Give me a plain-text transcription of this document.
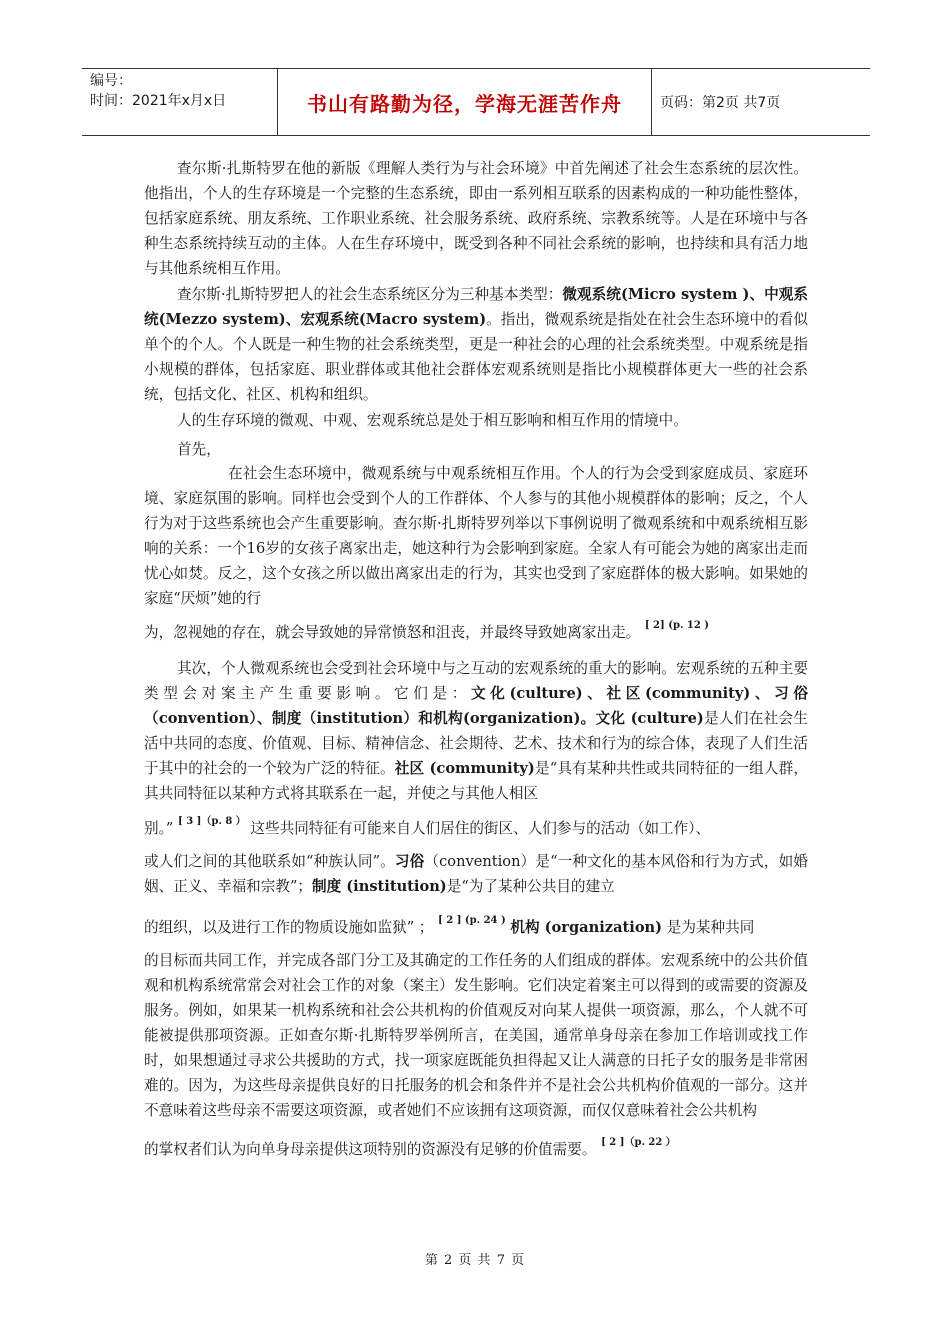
编号：
时间：2021年x月x日	书山有路勤为径，学海无涯苦作舟	页码：第2页 共7页

查尔斯·扎斯特罗在他的新版《理解人类行为与社会环境》中首先阐述了社会生态系统的层次性。他指出，个人的生存环境是一个完整的生态系统，即由一系列相互联系的因素构成的一种功能性整体，包括家庭系统、朋友系统、工作职业系统、社会服务系统、政府系统、宗教系统等。人是在环境中与各种生态系统持续互动的主体。人在生存环境中，既受到各种不同社会系统的影响，也持续和具有活力地与其他系统相互作用。

查尔斯·扎斯特罗把人的社会生态系统区分为三种基本类型：微观系统(Micro system )、中观系统(Mezzo system)、宏观系统(Macro system)。指出，微观系统是指处在社会生态环境中的看似单个的个人。个人既是一种生物的社会系统类型，更是一种社会的心理的社会系统类型。中观系统是指小规模的群体，包括家庭、职业群体或其他社会群体宏观系统则是指比小规模群体更大一些的社会系统，包括文化、社区、机构和组织。

人的生存环境的微观、中观、宏观系统总是处于相互影响和相互作用的情境中。

首先，

在社会生态环境中，微观系统与中观系统相互作用。个人的行为会受到家庭成员、家庭环境、家庭氛围的影响。同样也会受到个人的工作群体、个人参与的其他小规模群体的影响；反之，个人行为对于这些系统也会产生重要影响。查尔斯·扎斯特罗列举以下事例说明了微观系统和中观系统相互影响的关系：一个16岁的女孩子离家出走，她这种行为会影响到家庭。全家人有可能会为她的离家出走而忧心如焚。反之，这个女孩之所以做出离家出走的行为，其实也受到了家庭群体的极大影响。如果她的家庭“厌烦”她的行

为，忽视她的存在，就会导致她的异常愤怒和沮丧，并最终导致她离家出走。 $^{[ 2] (p. 12 )}$

其次，个人微观系统也会受到社会环境中与之互动的宏观系统的重大的影响。宏观系统的五种主要类型会对案主产生重要影响。它们是：文化(culture)、社区(community)、习俗（convention）、制度（institution）和机构(organization)。文化 (culture)是人们在社会生活中共同的态度、价值观、目标、精神信念、社会期待、艺术、技术和行为的综合体，表现了人们生活于其中的社会的一个较为广泛的特征。社区 (community)是“具有某种共性或共同特征的一组人群，其共同特征以某种方式将其联系在一起，并使之与其他人相区

别。” $^{[ 3 ](p. 8 )}$ 这些共同特征有可能来自人们居住的街区、人们参与的活动（如工作）、

或人们之间的其他联系如“种族认同”。习俗（convention）是“一种文化的基本风俗和行为方式，如婚姻、正义、幸福和宗教”；制度 (institution)是“为了某种公共目的建立

的组织，以及进行工作的物质设施如监狱” ； $^{[ 2 ] (p. 24 )}$ 机构 (organization) 是为某种共同

的目标而共同工作，并完成各部门分工及其确定的工作任务的人们组成的群体。宏观系统中的公共价值观和机构系统常常会对社会工作的对象（案主）发生影响。它们决定着案主可以得到的或需要的资源及服务。例如，如果某一机构系统和社会公共机构的价值观反对向某人提供一项资源，那么，个人就不可能被提供那项资源。正如查尔斯·扎斯特罗举例所言，在美国，通常单身母亲在参加工作培训或找工作时，如果想通过寻求公共援助的方式，找一项家庭既能负担得起又让人满意的日托子女的服务是非常困难的。因为，为这些母亲提供良好的日托服务的机会和条件并不是社会公共机构价值观的一部分。这并不意味着这些母亲不需要这项资源，或者她们不应该拥有这项资源，而仅仅意味着社会公共机构

的掌权者们认为向单身母亲提供这项特别的资源没有足够的价值需要。 $^{[ 2 ](p. 22 )}$
第 2 页 共 7 页
